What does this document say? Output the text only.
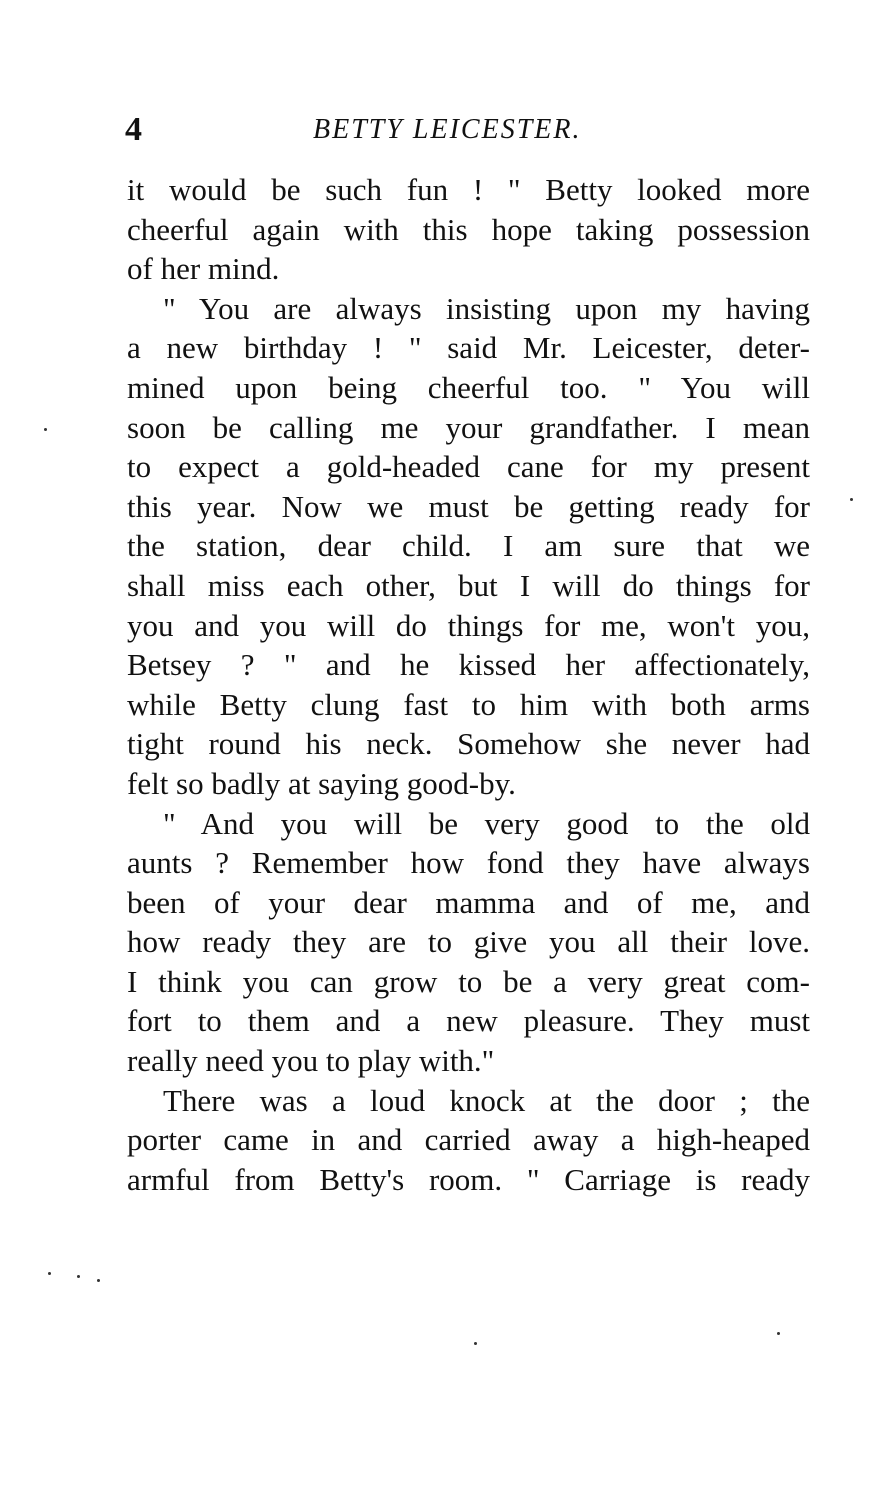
4	BETTY LEICESTER.
it would be such fun ! " Betty looked more
cheerful again with this hope taking possession
of her mind.
" You are always insisting upon my having
a new birthday ! " said Mr. Leicester, deter-
mined upon being cheerful too. " You will
soon be calling me your grandfather. I mean
to expect a gold-headed cane for my present
this year. Now we must be getting ready for
the station, dear child. I am sure that we
shall miss each other, but I will do things for
you and you will do things for me, won't you,
Betsey ? " and he kissed her affectionately,
while Betty clung fast to him with both arms
tight round his neck. Somehow she never had
felt so badly at saying good-by.
" And you will be very good to the old
aunts ? Remember how fond they have always
been of your dear mamma and of me, and
how ready they are to give you all their love.
I think you can grow to be a very great com-
fort to them and a new pleasure. They must
really need you to play with."
There was a loud knock at the door ; the
porter came in and carried away a high-heaped
armful from Betty's room. " Carriage is ready
